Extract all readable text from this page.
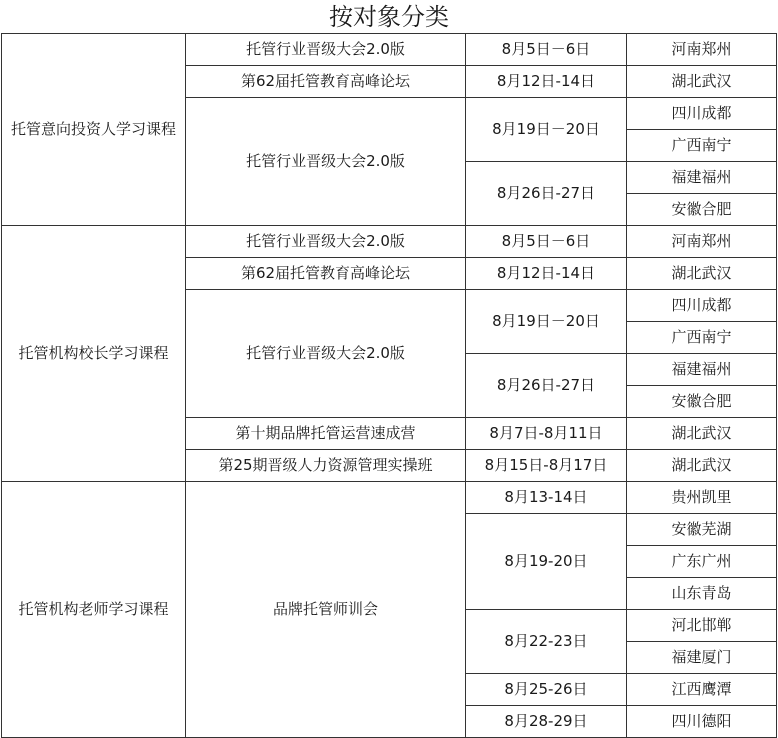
按对象分类
托管意向投资人学习课程	托管行业晋级大会2.0版	8月5日－6日	河南郑州
	第62届托管教育高峰论坛	8月12日-14日	湖北武汉
	托管行业晋级大会2.0版	8月19日－20日	四川成都
			广西南宁
		8月26日-27日	福建福州
			安徽合肥
托管机构校长学习课程	托管行业晋级大会2.0版	8月5日－6日	河南郑州
	第62届托管教育高峰论坛	8月12日-14日	湖北武汉
	托管行业晋级大会2.0版	8月19日－20日	四川成都
			广西南宁
		8月26日-27日	福建福州
			安徽合肥
	第十期品牌托管运营速成营	8月7日-8月11日	湖北武汉
	第25期晋级人力资源管理实操班	8月15日-8月17日	湖北武汉
托管机构老师学习课程	品牌托管师训会	8月13-14日	贵州凯里
		8月19-20日	安徽芜湖
			广东广州
			山东青岛
		8月22-23日	河北邯郸
			福建厦门
		8月25-26日	江西鹰潭
		8月28-29日	四川德阳
